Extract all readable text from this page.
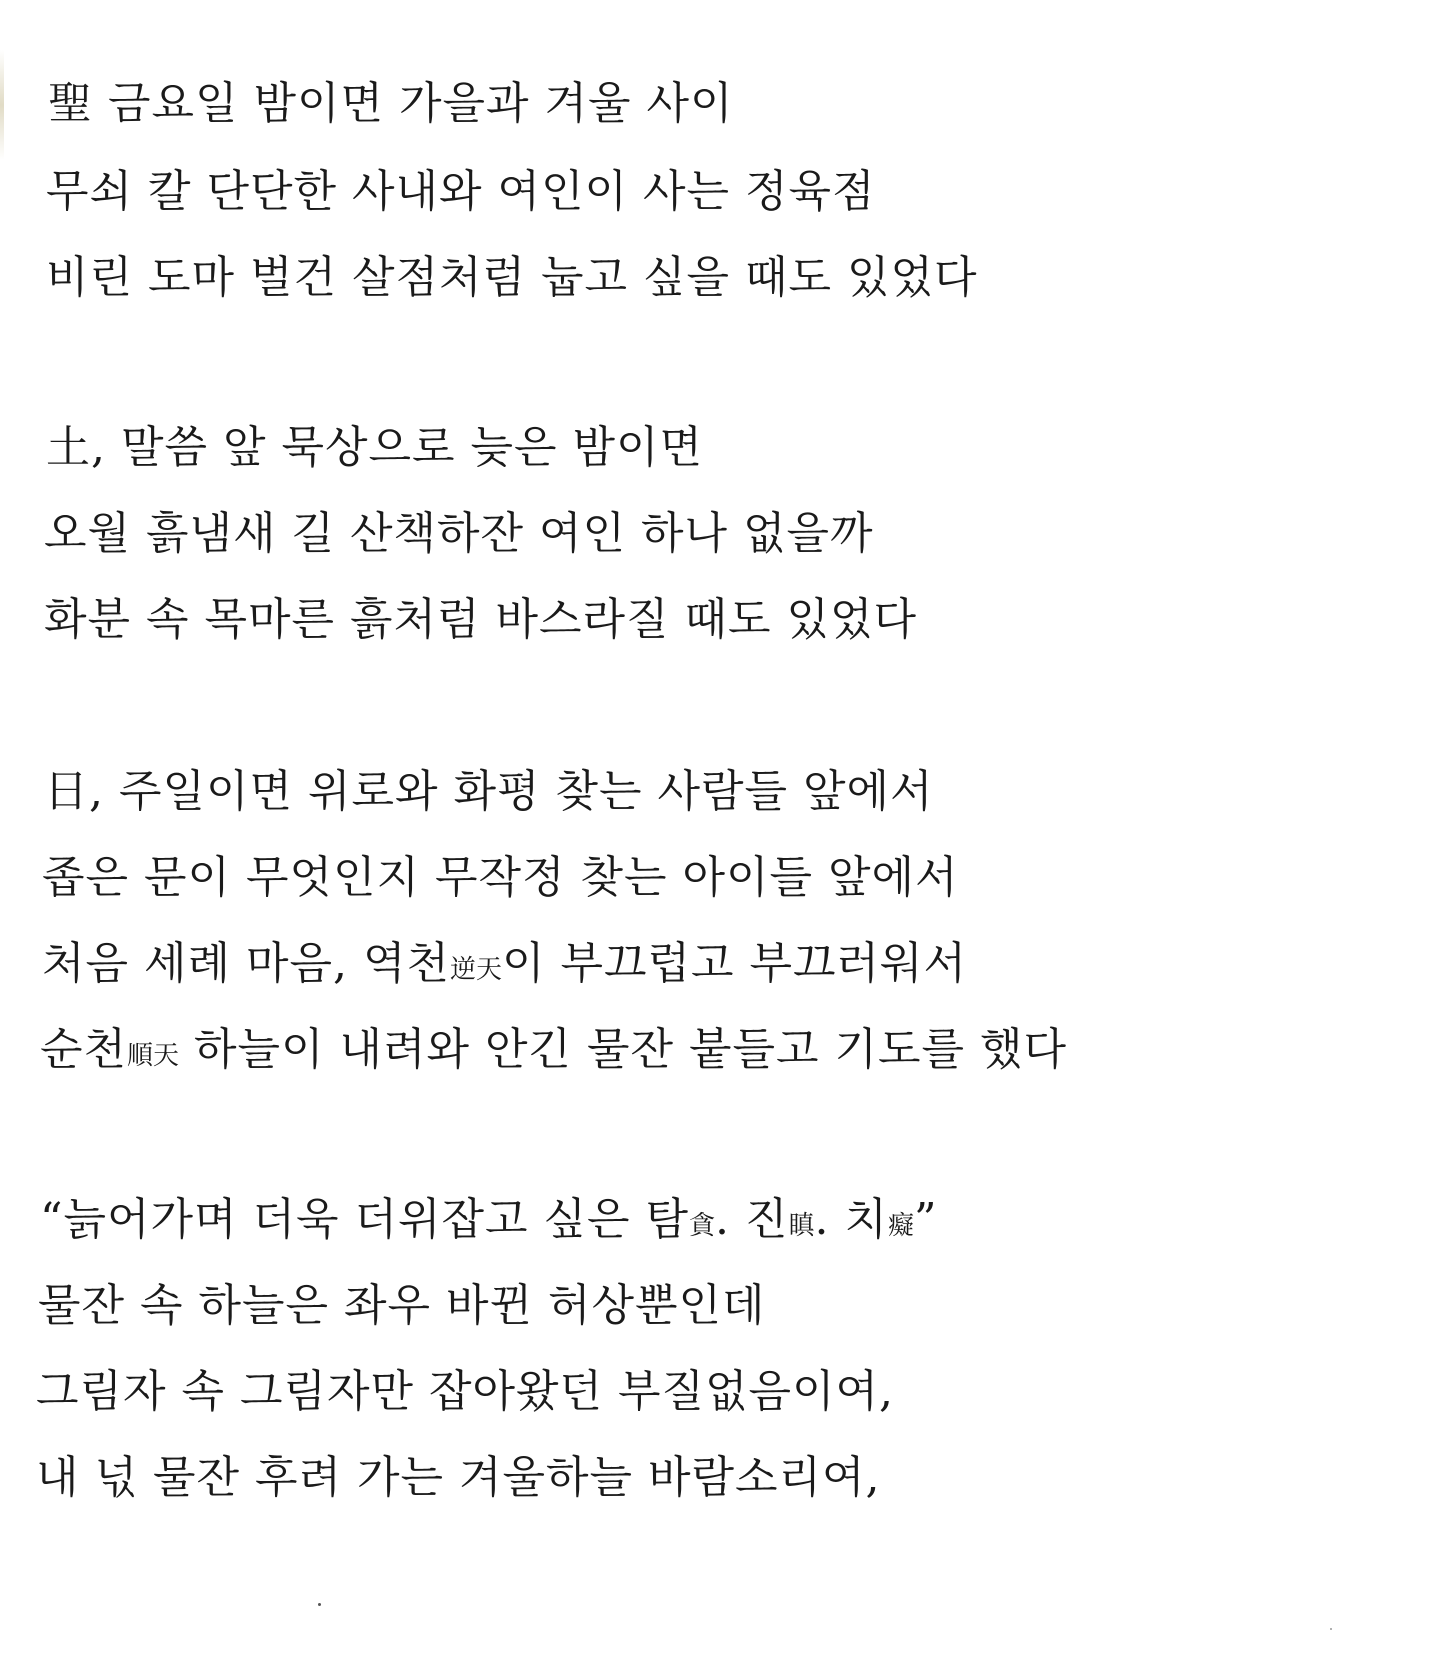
聖 금요일 밤이면 가을과 겨울 사이
무쇠 칼 단단한 사내와 여인이 사는 정육점
비린 도마 벌건 살점처럼 눕고 싶을 때도 있었다
土, 말씀 앞 묵상으로 늦은 밤이면
오월 흙냄새 길 산책하잔 여인 하나 없을까
화분 속 목마른 흙처럼 바스라질 때도 있었다
日, 주일이면 위로와 화평 찾는 사람들 앞에서
좁은 문이 무엇인지 무작정 찾는 아이들 앞에서
처음 세례 마음, 역천逆天이 부끄럽고 부끄러워서
순천順天 하늘이 내려와 안긴 물잔 붙들고 기도를 했다
“늙어가며 더욱 더위잡고 싶은 탐貪. 진瞋. 치癡”
물잔 속 하늘은 좌우 바뀐 허상뿐인데
그림자 속 그림자만 잡아왔던 부질없음이여,
내 넋 물잔 후려 가는 겨울하늘 바람소리여,
